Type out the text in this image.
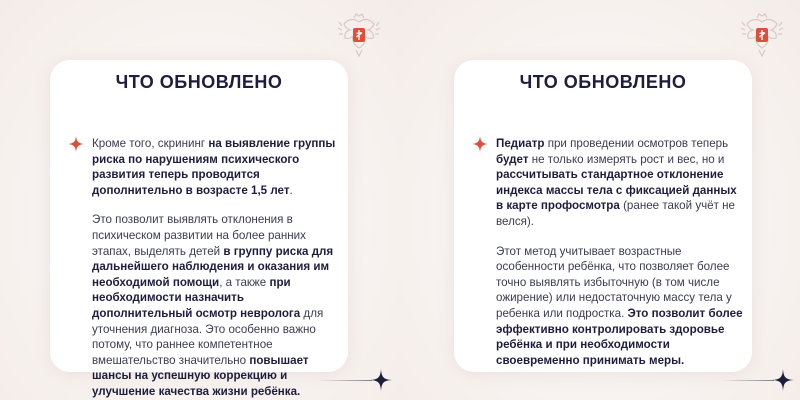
ЧТО ОБНОВЛЕНО

Кроме того, скрининг на выявление группы риска по нарушениям психического развития теперь проводится дополнительно в возрасте 1,5 лет.

Это позволит выявлять отклонения в психическом развитии на более ранних этапах, выделять детей в группу риска для дальнейшего наблюдения и оказания им необходимой помощи, а также при необходимости назначить дополнительный осмотр невролога для уточнения диагноза. Это особенно важно потому, что раннее компетентное вмешательство значительно повышает шансы на успешную коррекцию и улучшение качества жизни ребёнка.

ЧТО ОБНОВЛЕНО

Педиатр при проведении осмотров теперь будет не только измерять рост и вес, но и рассчитывать стандартное отклонение индекса массы тела с фиксацией данных в карте профосмотра (ранее такой учёт не велся).

Этот метод учитывает возрастные особенности ребёнка, что позволяет более точно выявлять избыточную (в том числе ожирение) или недостаточную массу тела у ребенка или подростка. Это позволит более эффективно контролировать здоровье ребёнка и при необходимости своевременно принимать меры.
